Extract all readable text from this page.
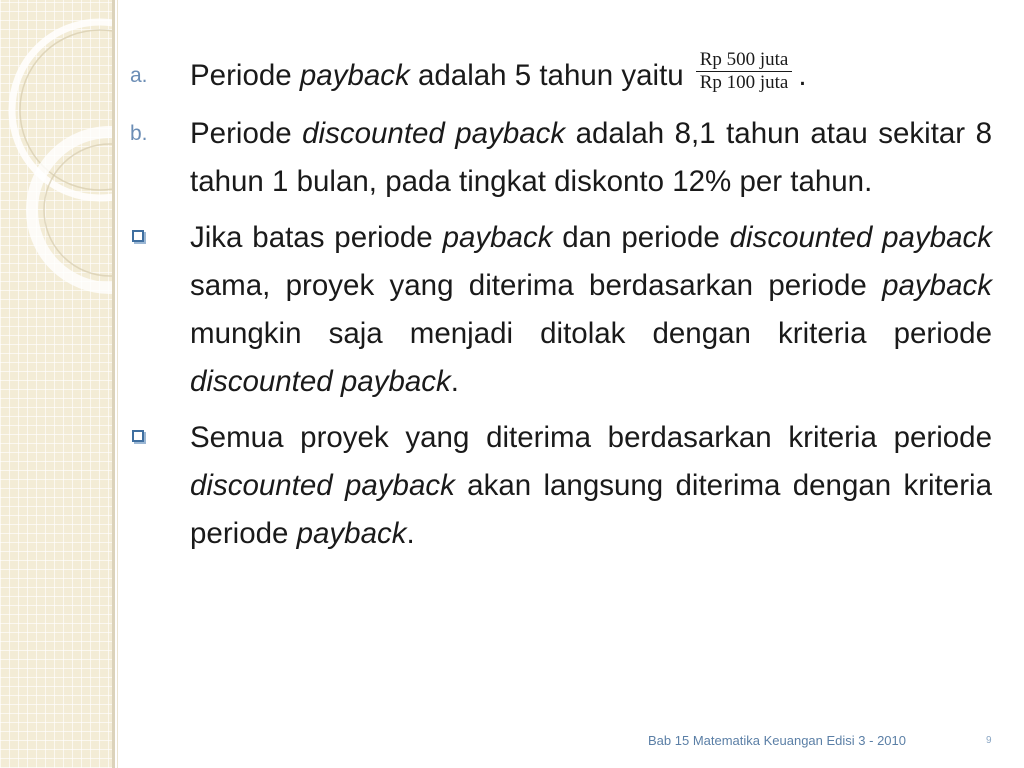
a. Periode payback adalah 5 tahun yaitu $\frac{\text{Rp 500 juta}}{\text{Rp 100 juta}}$ .
b. Periode discounted payback adalah 8,1 tahun atau sekitar 8 tahun 1 bulan, pada tingkat diskonto 12% per tahun.
Jika batas periode payback dan periode discounted payback sama, proyek yang diterima berdasarkan periode payback mungkin saja menjadi ditolak dengan kriteria periode discounted payback.
Semua proyek yang diterima berdasarkan kriteria periode discounted payback akan langsung diterima dengan kriteria periode payback.
Bab 15 Matematika Keuangan Edisi 3 - 2010	9
